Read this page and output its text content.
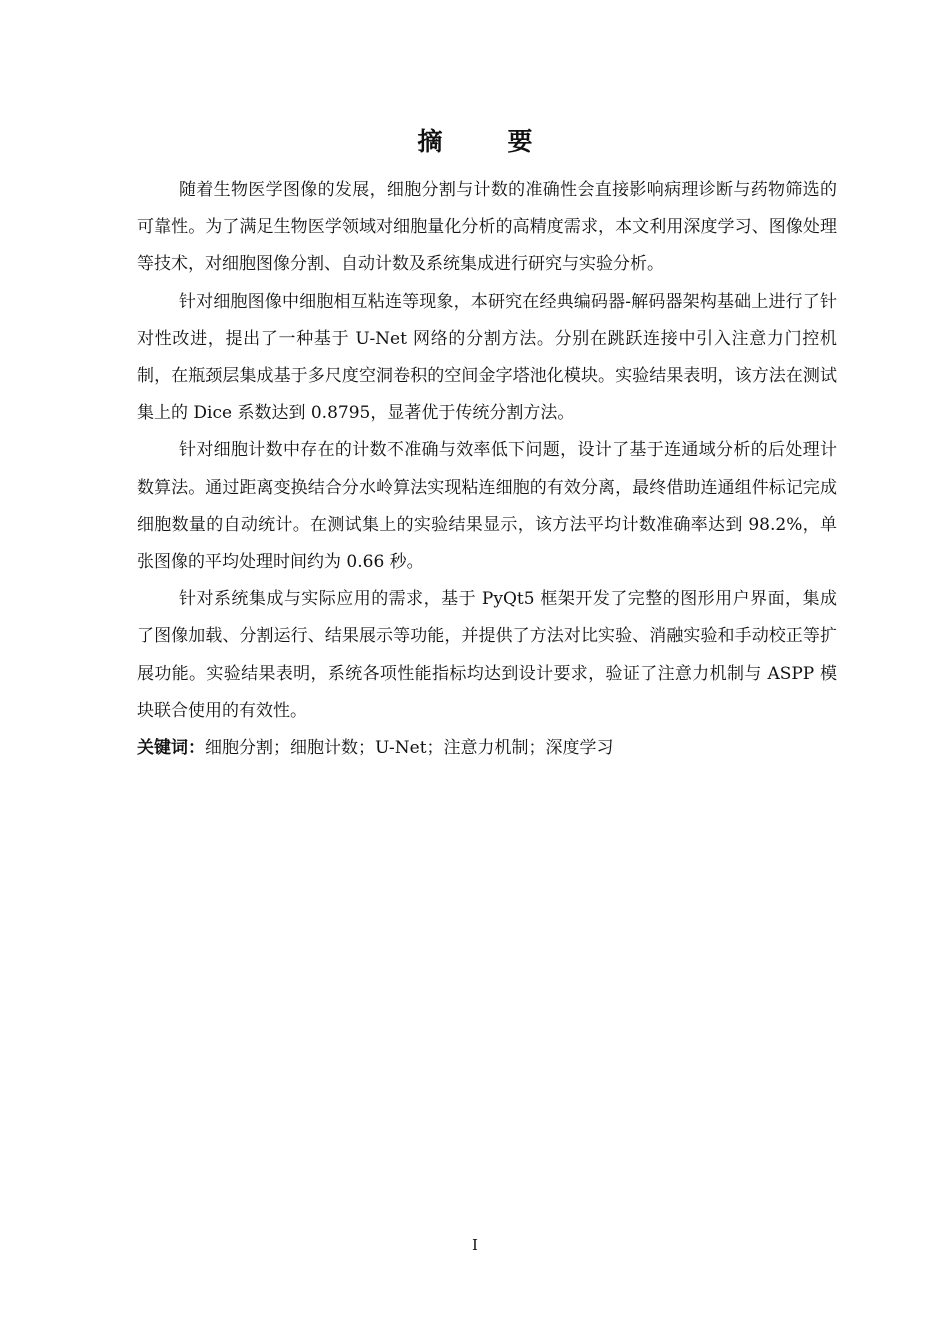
摘　要

随着生物医学图像的发展，细胞分割与计数的准确性会直接影响病理诊断与药物筛选的可靠性。为了满足生物医学领域对细胞量化分析的高精度需求，本文利用深度学习、图像处理等技术，对细胞图像分割、自动计数及系统集成进行研究与实验分析。

针对细胞图像中细胞相互粘连等现象，本研究在经典编码器-解码器架构基础上进行了针对性改进，提出了一种基于 U-Net 网络的分割方法。分别在跳跃连接中引入注意力门控机制，在瓶颈层集成基于多尺度空洞卷积的空间金字塔池化模块。实验结果表明，该方法在测试集上的 Dice 系数达到 0.8795，显著优于传统分割方法。

针对细胞计数中存在的计数不准确与效率低下问题，设计了基于连通域分析的后处理计数算法。通过距离变换结合分水岭算法实现粘连细胞的有效分离，最终借助连通组件标记完成细胞数量的自动统计。在测试集上的实验结果显示，该方法平均计数准确率达到 98.2%，单张图像的平均处理时间约为 0.66 秒。

针对系统集成与实际应用的需求，基于 PyQt5 框架开发了完整的图形用户界面，集成了图像加载、分割运行、结果展示等功能，并提供了方法对比实验、消融实验和手动校正等扩展功能。实验结果表明，系统各项性能指标均达到设计要求，验证了注意力机制与 ASPP 模块联合使用的有效性。

关键词：细胞分割；细胞计数；U-Net；注意力机制；深度学习

I
